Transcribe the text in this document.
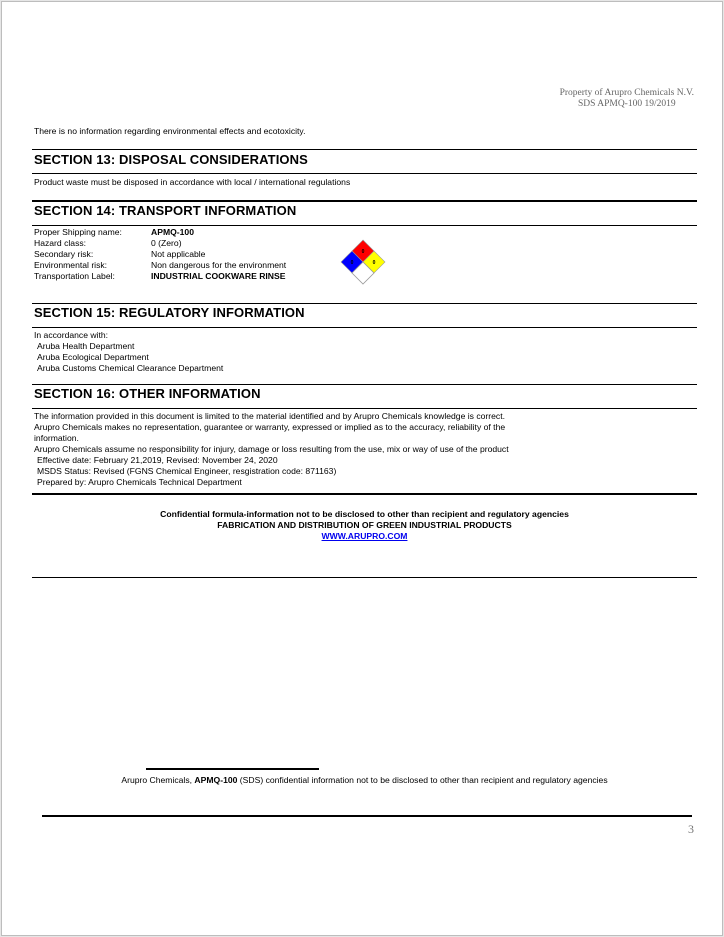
Property of Arupro Chemicals N.V.
SDS APMQ-100 19/2019
There is no information regarding environmental effects and ecotoxicity.
SECTION 13: DISPOSAL CONSIDERATIONS
Product waste must be disposed in accordance with local / international regulations
SECTION 14: TRANSPORT INFORMATION
Proper Shipping name:	APMQ-100
Hazard class:	0 (Zero)
Secondary risk:	Not applicable
Environmental risk:	Non dangerous for the environment
Transportation Label:	INDUSTRIAL COOKWARE RINSE
0
0	0
SECTION 15: REGULATORY INFORMATION
In accordance with:
Aruba Health Department
Aruba Ecological Department
Aruba Customs Chemical Clearance Department
SECTION 16: OTHER INFORMATION
The information provided in this document is limited to the material identified and by Arupro Chemicals knowledge is correct.
Arupro Chemicals makes no representation, guarantee or warranty, expressed or implied as to the accuracy, reliability of the
information.
Arupro Chemicals assume no responsibility for injury, damage or loss resulting from the use, mix or way of use of the product
Effective date: February 21,2019, Revised: November 24, 2020
MSDS Status: Revised (FGNS Chemical Engineer, resgistration code: 871163)
Prepared by: Arupro Chemicals Technical Department
Confidential formula-information not to be disclosed to other than recipient and regulatory agencies
FABRICATION AND DISTRIBUTION OF GREEN INDUSTRIAL PRODUCTS
WWW.ARUPRO.COM
Arupro Chemicals, APMQ-100 (SDS) confidential information not to be disclosed to other than recipient and regulatory agencies
3
